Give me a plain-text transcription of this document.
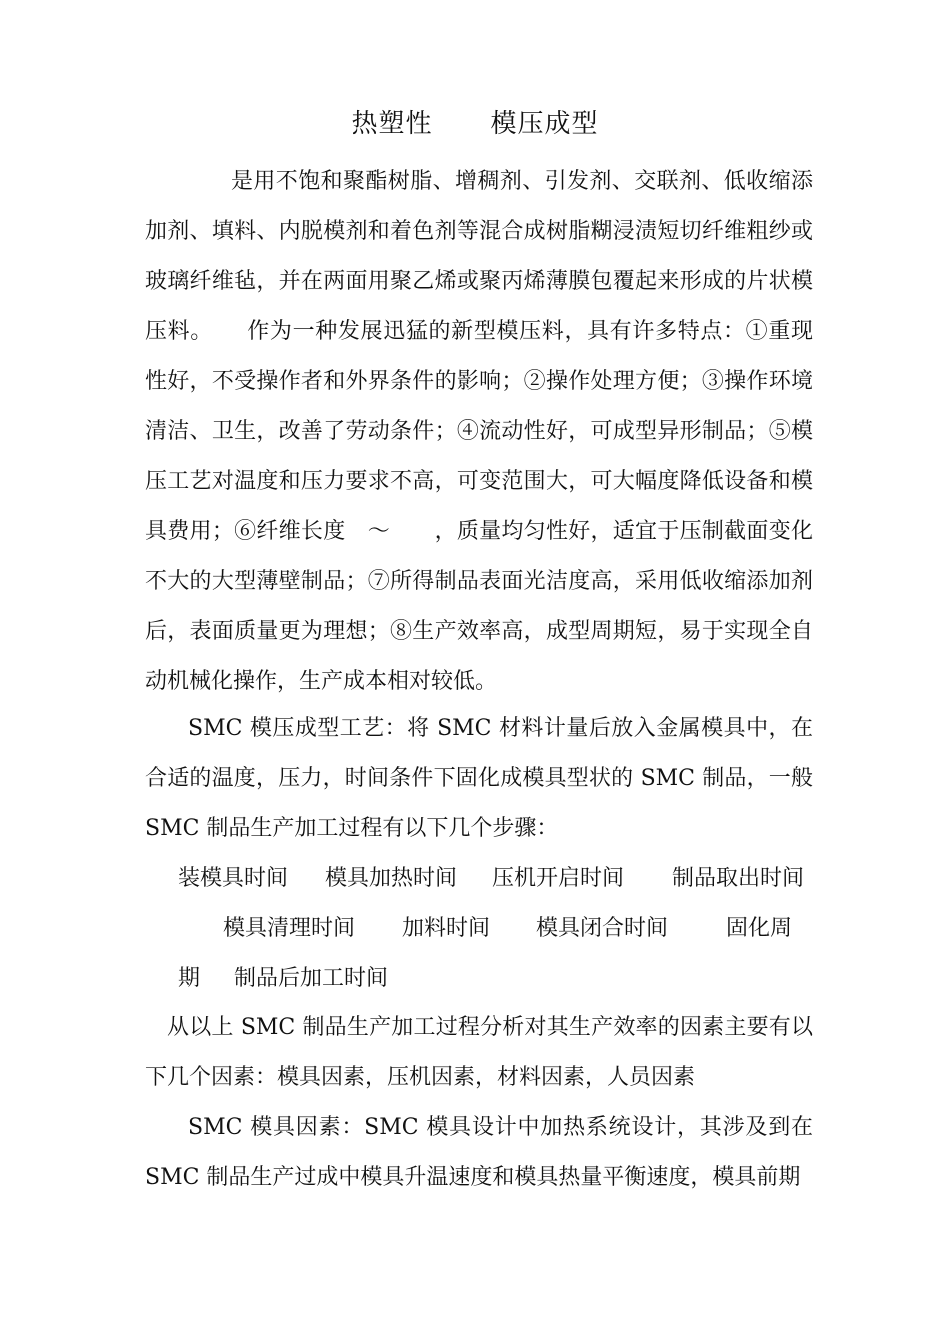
热塑性 模压成型

是用不饱和聚酯树脂、增稠剂、引发剂、交联剂、低收缩添加剂、填料、内脱模剂和着色剂等混合成树脂糊浸渍短切纤维粗纱或玻璃纤维毡，并在两面用聚乙烯或聚丙烯薄膜包覆起来形成的片状模压料。　　作为一种发展迅猛的新型模压料，具有许多特点：①重现性好，不受操作者和外界条件的影响；②操作处理方便；③操作环境清洁、卫生，改善了劳动条件；④流动性好，可成型异形制品；⑤模压工艺对温度和压力要求不高，可变范围大，可大幅度降低设备和模具费用；⑥纤维长度　～　　，质量均匀性好，适宜于压制截面变化不大的大型薄壁制品；⑦所得制品表面光洁度高，采用低收缩添加剂后，表面质量更为理想；⑧生产效率高，成型周期短，易于实现全自动机械化操作，生产成本相对较低。

SMC 模压成型工艺：将 SMC 材料计量后放入金属模具中，在合适的温度，压力，时间条件下固化成模具型状的 SMC 制品，一般 SMC 制品生产加工过程有以下几个步骤：

装模具时间 模具加热时间 压机开启时间 制品取出时间
模具清理时间 加料时间 模具闭合时间	固化周
期 制品后加工时间

从以上 SMC 制品生产加工过程分析对其生产效率的因素主要有以下几个因素：模具因素，压机因素，材料因素，人员因素

SMC 模具因素：SMC 模具设计中加热系统设计，其涉及到在 SMC 制品生产过成中模具升温速度和模具热量平衡速度，模具前期
